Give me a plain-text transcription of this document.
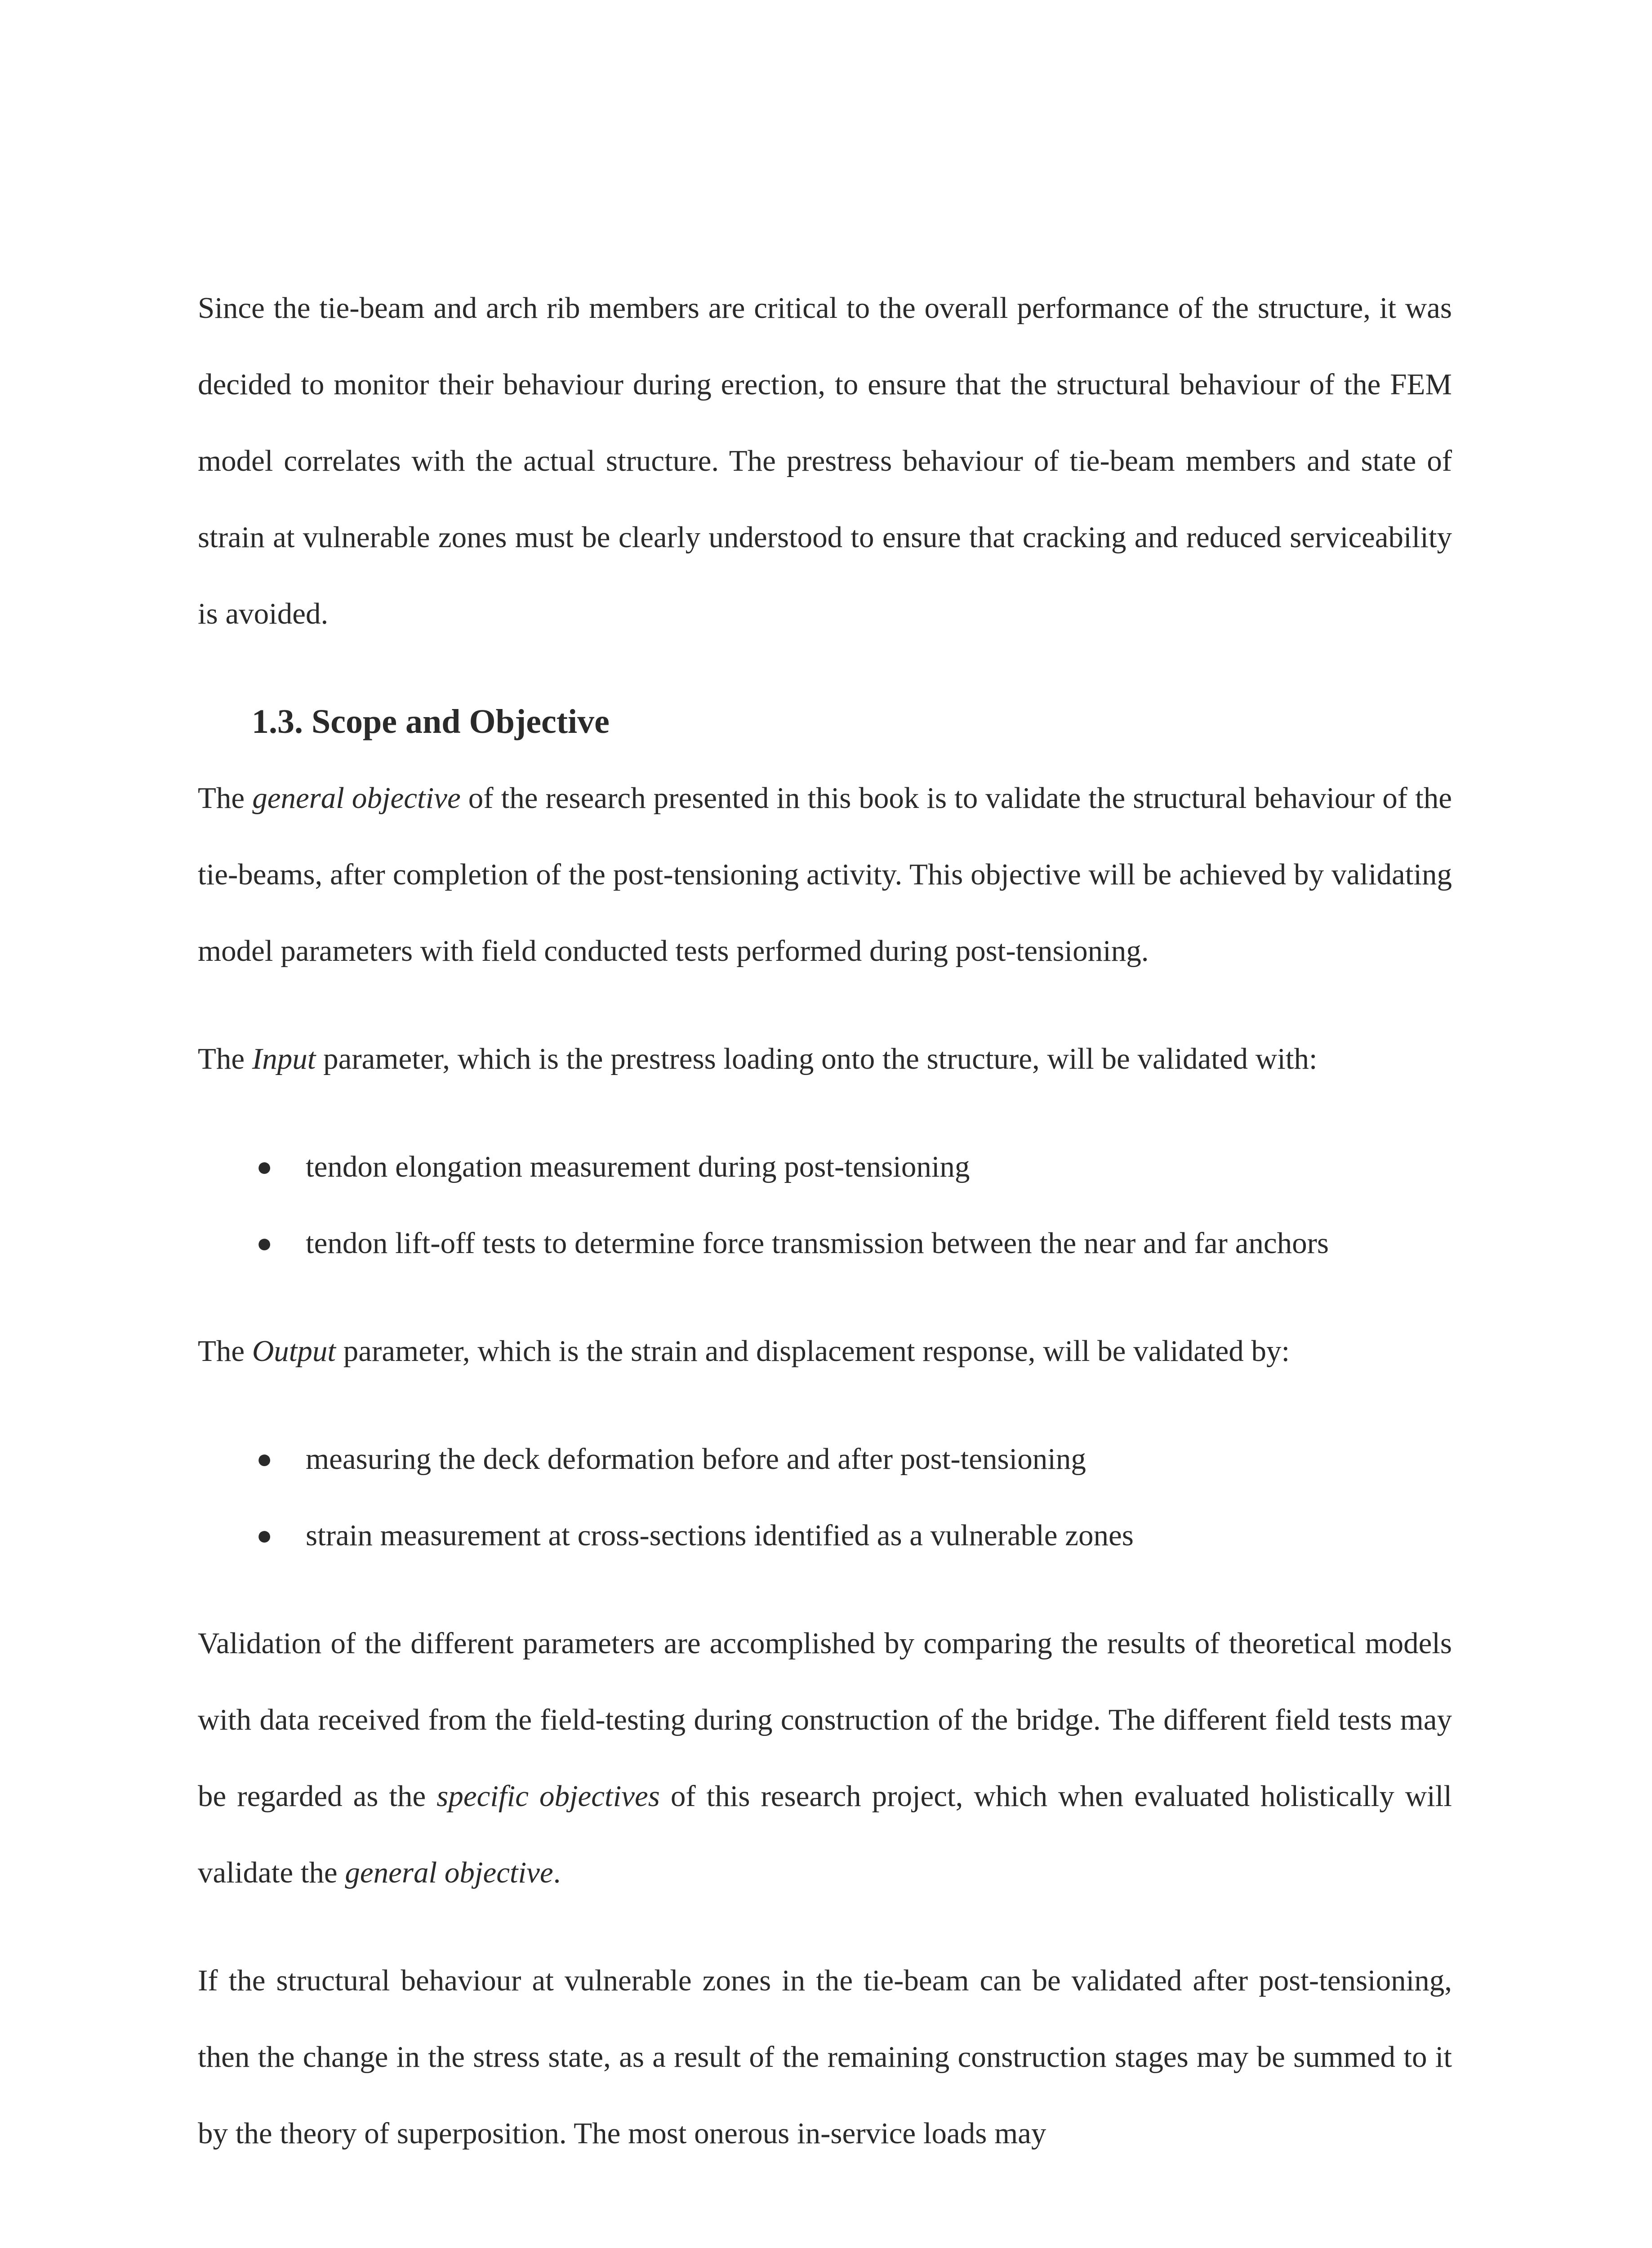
Since the tie-beam and arch rib members are critical to the overall performance of the structure, it was decided to monitor their behaviour during erection, to ensure that the structural behaviour of the FEM model correlates with the actual structure. The prestress behaviour of tie-beam members and state of strain at vulnerable zones must be clearly understood to ensure that cracking and reduced serviceability is avoided.

1.3. Scope and Objective

The general objective of the research presented in this book is to validate the structural behaviour of the tie-beams, after completion of the post-tensioning activity. This objective will be achieved by validating model parameters with field conducted tests performed during post-tensioning.

The Input parameter, which is the prestress loading onto the structure, will be validated with:

● tendon elongation measurement during post-tensioning
● tendon lift-off tests to determine force transmission between the near and far anchors

The Output parameter, which is the strain and displacement response, will be validated by:

● measuring the deck deformation before and after post-tensioning
● strain measurement at cross-sections identified as a vulnerable zones

Validation of the different parameters are accomplished by comparing the results of theoretical models with data received from the field-testing during construction of the bridge. The different field tests may be regarded as the specific objectives of this research project, which when evaluated holistically will validate the general objective.

If the structural behaviour at vulnerable zones in the tie-beam can be validated after post-tensioning, then the change in the stress state, as a result of the remaining construction stages may be summed to it by the theory of superposition. The most onerous in-service loads may
